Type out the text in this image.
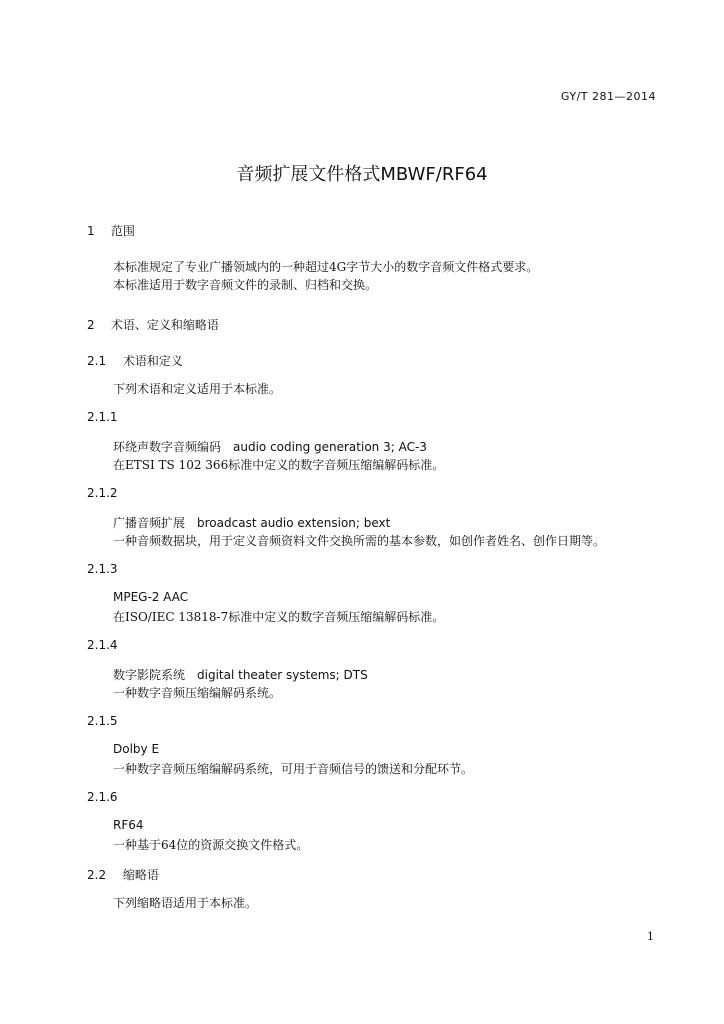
GY/T 281—2014
音频扩展文件格式MBWF/RF64
1 范围
本标准规定了专业广播领域内的一种超过4G字节大小的数字音频文件格式要求。
本标准适用于数字音频文件的录制、归档和交换。
2 术语、定义和缩略语
2.1 术语和定义
下列术语和定义适用于本标准。
2.1.1
环绕声数字音频编码 audio coding generation 3; AC-3
在ETSI TS 102 366标准中定义的数字音频压缩编解码标准。
2.1.2
广播音频扩展 broadcast audio extension; bext
一种音频数据块，用于定义音频资料文件交换所需的基本参数，如创作者姓名、创作日期等。
2.1.3
MPEG-2 AAC
在ISO/IEC 13818-7标准中定义的数字音频压缩编解码标准。
2.1.4
数字影院系统 digital theater systems; DTS
一种数字音频压缩编解码系统。
2.1.5
Dolby E
一种数字音频压缩编解码系统，可用于音频信号的馈送和分配环节。
2.1.6
RF64
一种基于64位的资源交换文件格式。
2.2 缩略语
下列缩略语适用于本标准。
1
